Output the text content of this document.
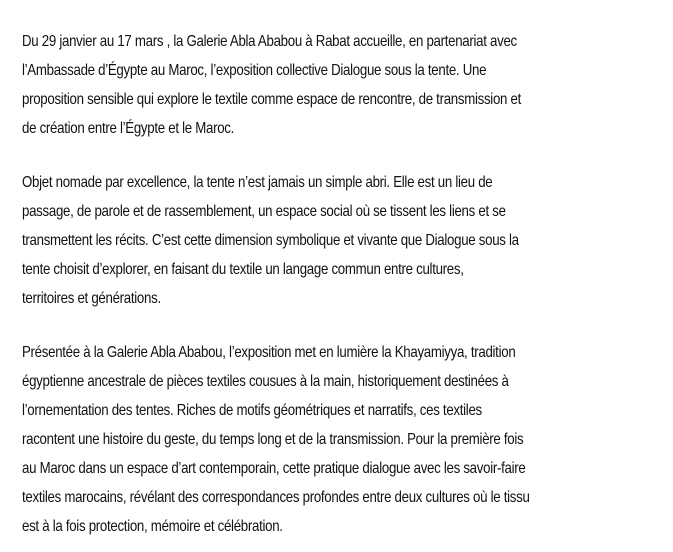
Du 29 janvier au 17 mars , la Galerie Abla Ababou à Rabat accueille, en partenariat avec
l’Ambassade d’Égypte au Maroc, l’exposition collective Dialogue sous la tente. Une
proposition sensible qui explore le textile comme espace de rencontre, de transmission et
de création entre l’Égypte et le Maroc.

Objet nomade par excellence, la tente n’est jamais un simple abri. Elle est un lieu de
passage, de parole et de rassemblement, un espace social où se tissent les liens et se
transmettent les récits. C’est cette dimension symbolique et vivante que Dialogue sous la
tente choisit d’explorer, en faisant du textile un langage commun entre cultures,
territoires et générations.

Présentée à la Galerie Abla Ababou, l’exposition met en lumière la Khayamiyya, tradition
égyptienne ancestrale de pièces textiles cousues à la main, historiquement destinées à
l’ornementation des tentes. Riches de motifs géométriques et narratifs, ces textiles
racontent une histoire du geste, du temps long et de la transmission. Pour la première fois
au Maroc dans un espace d’art contemporain, cette pratique dialogue avec les savoir-faire
textiles marocains, révélant des correspondances profondes entre deux cultures où le tissu
est à la fois protection, mémoire et célébration.
